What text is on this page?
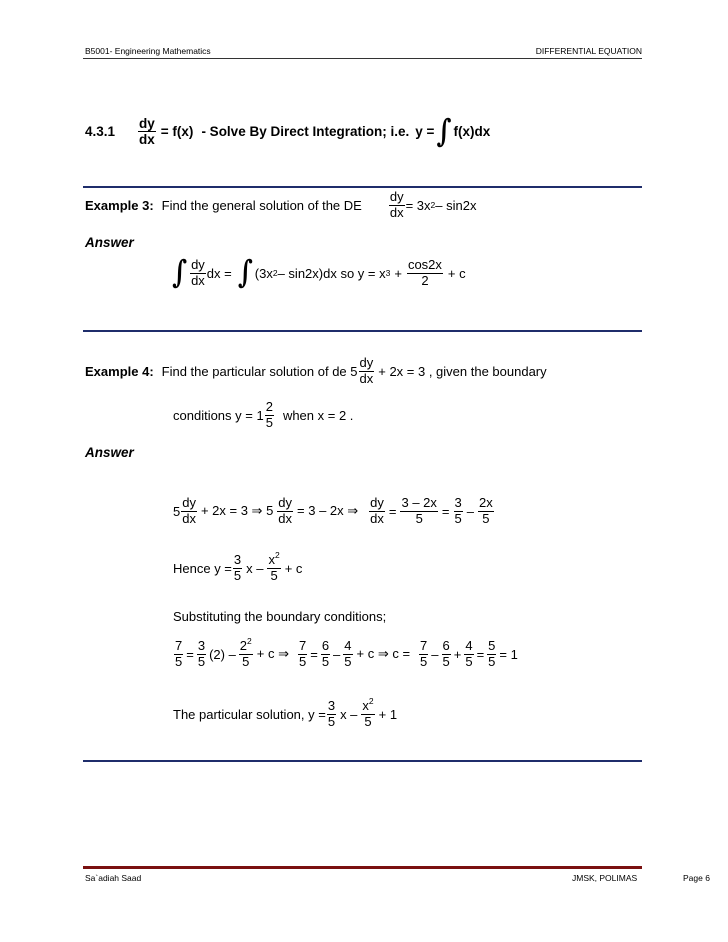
B5001- Engineering Mathematics	DIFFERENTIAL EQUATION
$4.3.1 \frac{dy}{dx} = f(x)$ - Solve By Direct Integration; i.e. y = ∫ f(x)dx
Example 3: Find the general solution of the DE $\frac{dy}{dx} = 3x$ 2 – sin2x
Answer
∫ $\frac{dy}{dx}$ dx = ∫ (3x 2 – sin2x)dx so y = x $3 + \frac{\cos 2x}{2} + c$
Example 4: Find the particular solution of de $5 \frac{dy}{dx} + 2x = 3$ , given the boundary
conditions $y = 1 \frac{2}{5}$ when x = 2 .
Answer
$5 \frac{dy}{dx} + 2x = 3$ ⇒ $5 \frac{dy}{dx} = 3 - 2x$ ⇒ $\frac{dy}{dx} = \frac{3 - 2x}{5} = \frac{3}{5} - \frac{2x}{5}$
Hence $y = \frac{3}{5}$ $x - \frac{x^2}{5} + c$
Substituting the boundary conditions;
$\frac{7}{5} = \frac{3}{5} (2) - \frac{2^2}{5} + c$ ⇒ $\frac{7}{5} = \frac{6}{5} - \frac{4}{5} + c$ ⇒ $c = \frac{7}{5} - \frac{6}{5} + \frac{4}{5} = \frac{5}{5} = 1$
The particular solution, $y = \frac{3}{5}$ $x - \frac{x^2}{5} + 1$
Sa`adiah Saad	JMSK, POLIMAS	Page 6
